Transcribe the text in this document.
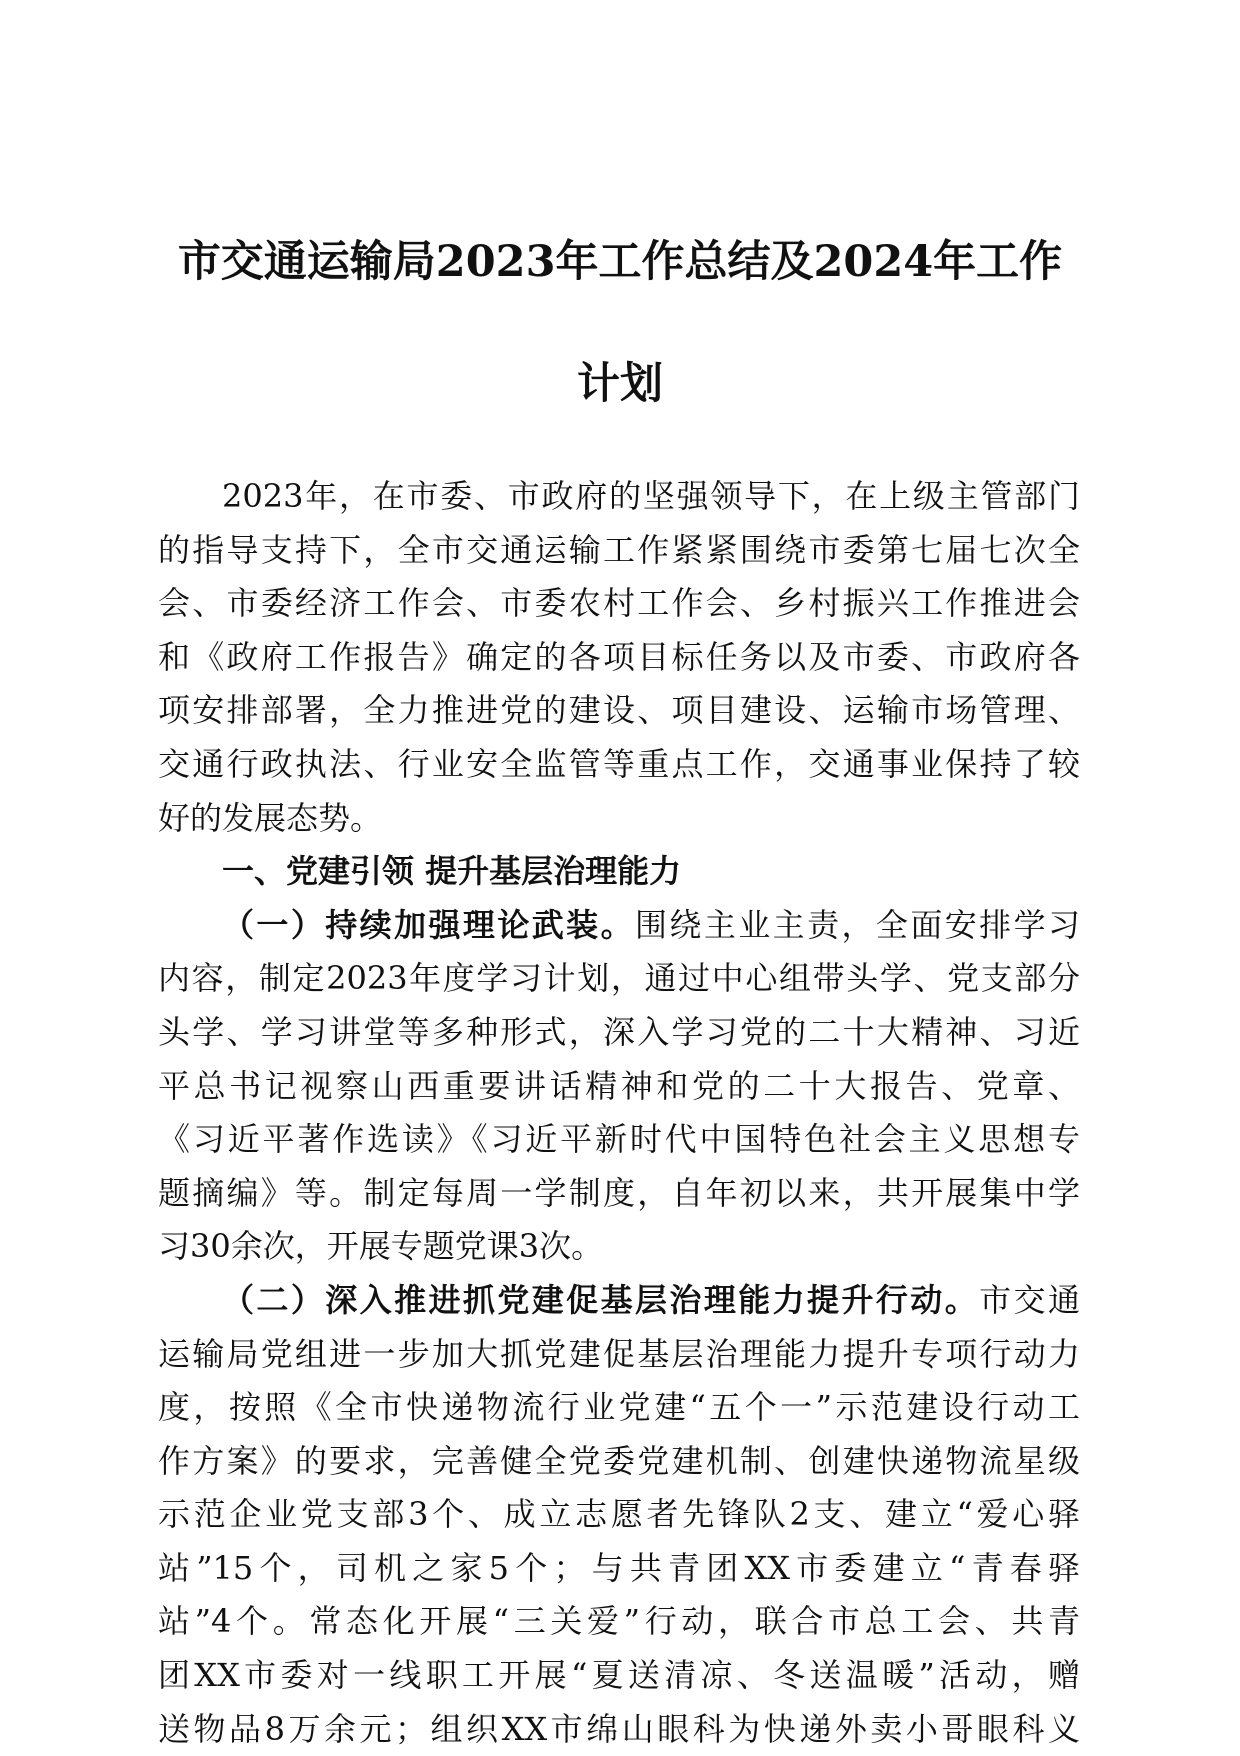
市交通运输局2023年工作总结及2024年工作
计划
2023年，在市委、市政府的坚强领导下，在上级主管部门
的指导支持下，全市交通运输工作紧紧围绕市委第七届七次全
会、市委经济工作会、市委农村工作会、乡村振兴工作推进会
和《政府工作报告》确定的各项目标任务以及市委、市政府各
项安排部署，全力推进党的建设、项目建设、运输市场管理、
交通行政执法、行业安全监管等重点工作，交通事业保持了较
好的发展态势。
一、党建引领 提升基层治理能力
（一）持续加强理论武装。围绕主业主责，全面安排学习
内容，制定2023年度学习计划，通过中心组带头学、党支部分
头学、学习讲堂等多种形式，深入学习党的二十大精神、习近
平总书记视察山西重要讲话精神和党的二十大报告、党章、
《习近平著作选读》《习近平新时代中国特色社会主义思想专
题摘编》等。制定每周一学制度，自年初以来，共开展集中学
习30余次，开展专题党课3次。
（二）深入推进抓党建促基层治理能力提升行动。市交通
运输局党组进一步加大抓党建促基层治理能力提升专项行动力
度，按照《全市快递物流行业党建“五个一”示范建设行动工
作方案》的要求，完善健全党委党建机制、创建快递物流星级
示范企业党支部3个、成立志愿者先锋队2支、建立“爱心驿
站”15个，司机之家5个；与共青团XX市委建立“青春驿
站”4个。常态化开展“三关爱”行动，联合市总工会、共青
团XX市委对一线职工开展“夏送清凉、冬送温暖”活动，赠
送物品8万余元；组织XX市绵山眼科为快递外卖小哥眼科义
